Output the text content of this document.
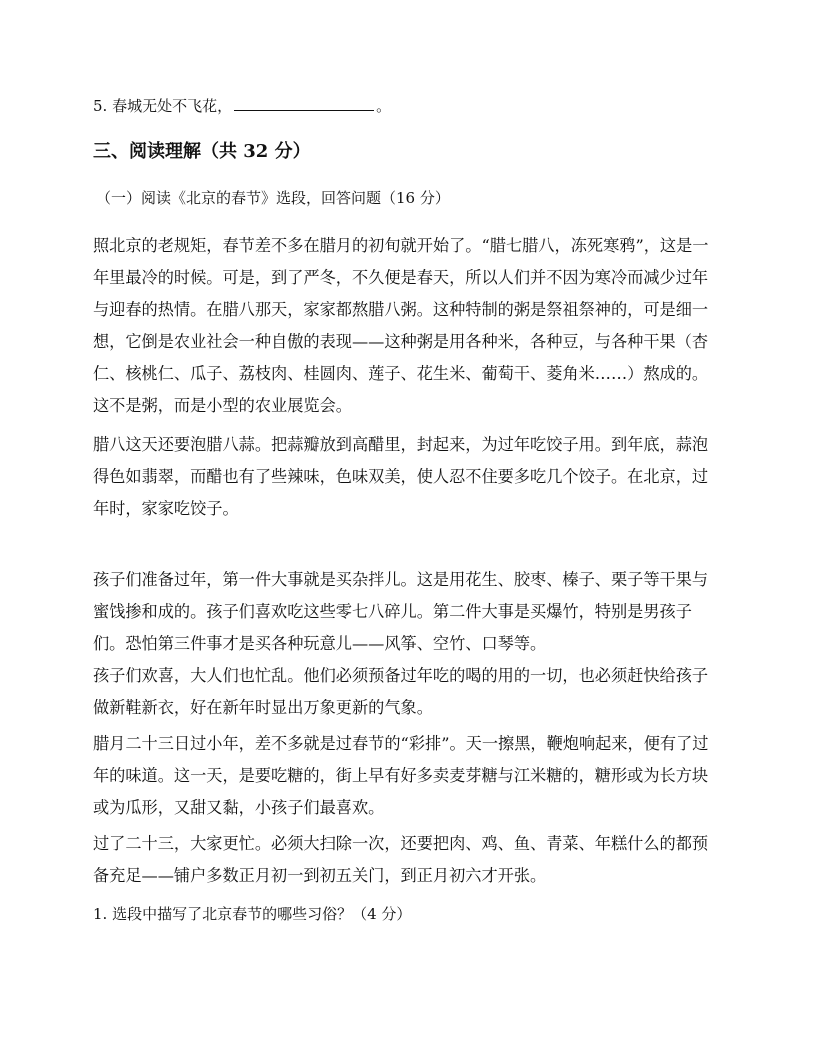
5. 春城无处不飞花，	。
三、阅读理解（共 32 分）
（一）阅读《北京的春节》选段，回答问题（16 分）

照北京的老规矩，春节差不多在腊月的初旬就开始了。“腊七腊八，冻死寒鸦”，这是一年里最冷的时候。可是，到了严冬，不久便是春天，所以人们并不因为寒冷而减少过年与迎春的热情。在腊八那天，家家都熬腊八粥。这种特制的粥是祭祖祭神的，可是细一想，它倒是农业社会一种自傲的表现——这种粥是用各种米，各种豆，与各种干果（杏仁、核桃仁、瓜子、荔枝肉、桂圆肉、莲子、花生米、葡萄干、菱角米……）熬成的。这不是粥，而是小型的农业展览会。

腊八这天还要泡腊八蒜。把蒜瓣放到高醋里，封起来，为过年吃饺子用。到年底，蒜泡得色如翡翠，而醋也有了些辣味，色味双美，使人忍不住要多吃几个饺子。在北京，过年时，家家吃饺子。

孩子们准备过年，第一件大事就是买杂拌儿。这是用花生、胶枣、榛子、栗子等干果与蜜饯掺和成的。孩子们喜欢吃这些零七八碎儿。第二件大事是买爆竹，特别是男孩子们。恐怕第三件事才是买各种玩意儿——风筝、空竹、口琴等。

孩子们欢喜，大人们也忙乱。他们必须预备过年吃的喝的用的一切，也必须赶快给孩子做新鞋新衣，好在新年时显出万象更新的气象。

腊月二十三日过小年，差不多就是过春节的“彩排”。天一擦黑，鞭炮响起来，便有了过年的味道。这一天，是要吃糖的，街上早有好多卖麦芽糖与江米糖的，糖形或为长方块或为瓜形，又甜又黏，小孩子们最喜欢。

过了二十三，大家更忙。必须大扫除一次，还要把肉、鸡、鱼、青菜、年糕什么的都预备充足——铺户多数正月初一到初五关门，到正月初六才开张。

1. 选段中描写了北京春节的哪些习俗？（4 分）
